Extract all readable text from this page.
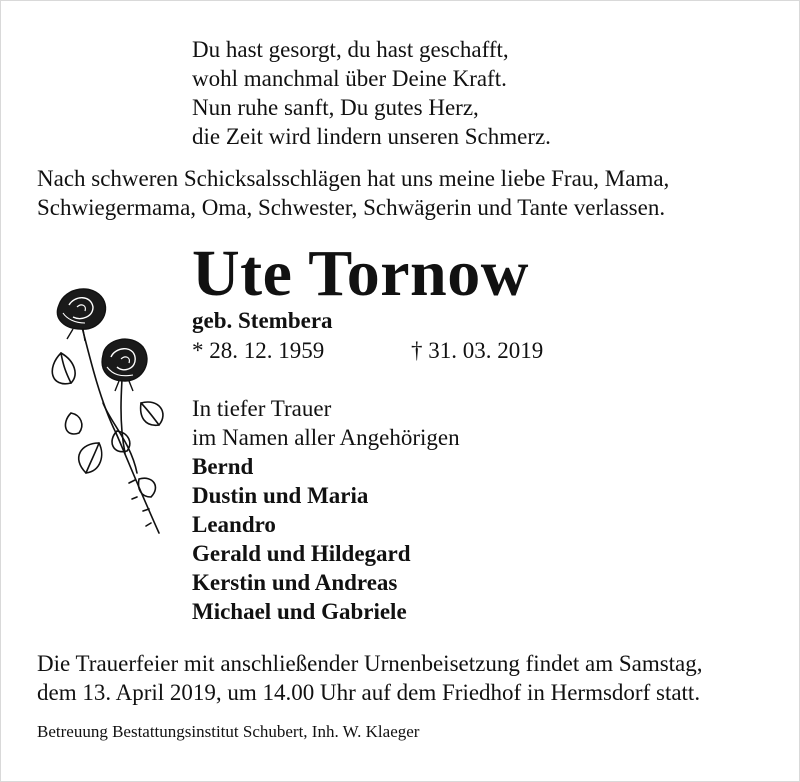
Du hast gesorgt, du hast geschafft,
wohl manchmal über Deine Kraft.
Nun ruhe sanft, Du gutes Herz,
die Zeit wird lindern unseren Schmerz.
Nach schweren Schicksalsschlägen hat uns meine liebe Frau, Mama,
Schwiegermama, Oma, Schwester, Schwägerin und Tante verlassen.
Ute Tornow
geb. Stembera
* 28. 12. 1959	† 31. 03. 2019
In tiefer Trauer
im Namen aller Angehörigen
Bernd
Dustin und Maria
Leandro
Gerald und Hildegard
Kerstin und Andreas
Michael und Gabriele
Die Trauerfeier mit anschließender Urnenbeisetzung findet am Samstag,
dem 13. April 2019, um 14.00 Uhr auf dem Friedhof in Hermsdorf statt.
Betreuung Bestattungsinstitut Schubert, Inh. W. Klaeger
